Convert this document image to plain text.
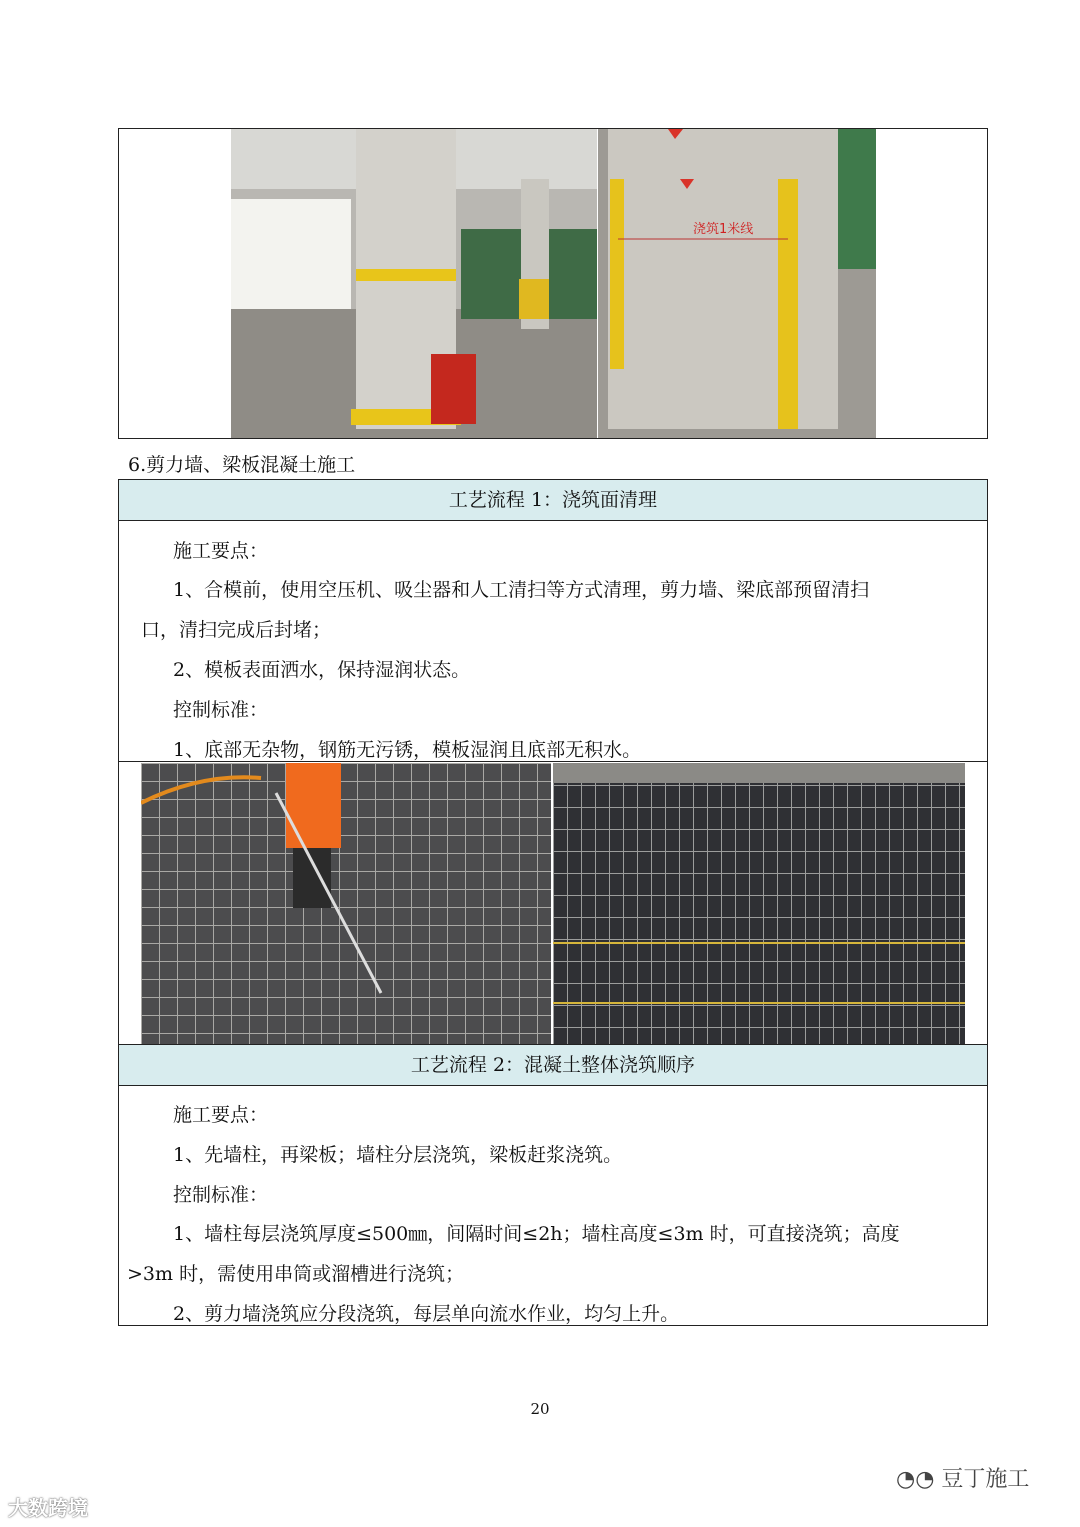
浇筑1米线
6.剪力墙、梁板混凝土施工
工艺流程 1：浇筑面清理
施工要点：
1、合模前，使用空压机、吸尘器和人工清扫等方式清理，剪力墙、梁底部预留清扫
口，清扫完成后封堵；
2、模板表面洒水，保持湿润状态。
控制标准：
1、底部无杂物，钢筋无污锈，模板湿润且底部无积水。
工艺流程 2：混凝土整体浇筑顺序
施工要点：
1、先墙柱，再梁板；墙柱分层浇筑，梁板赶浆浇筑。
控制标准：
1、墙柱每层浇筑厚度≤500㎜，间隔时间≤2h；墙柱高度≤3m 时，可直接浇筑；高度
>3m 时，需使用串筒或溜槽进行浇筑；
2、剪力墙浇筑应分段浇筑，每层单向流水作业，均匀上升。
20
大数跨境
◔◔ 豆丁施工
